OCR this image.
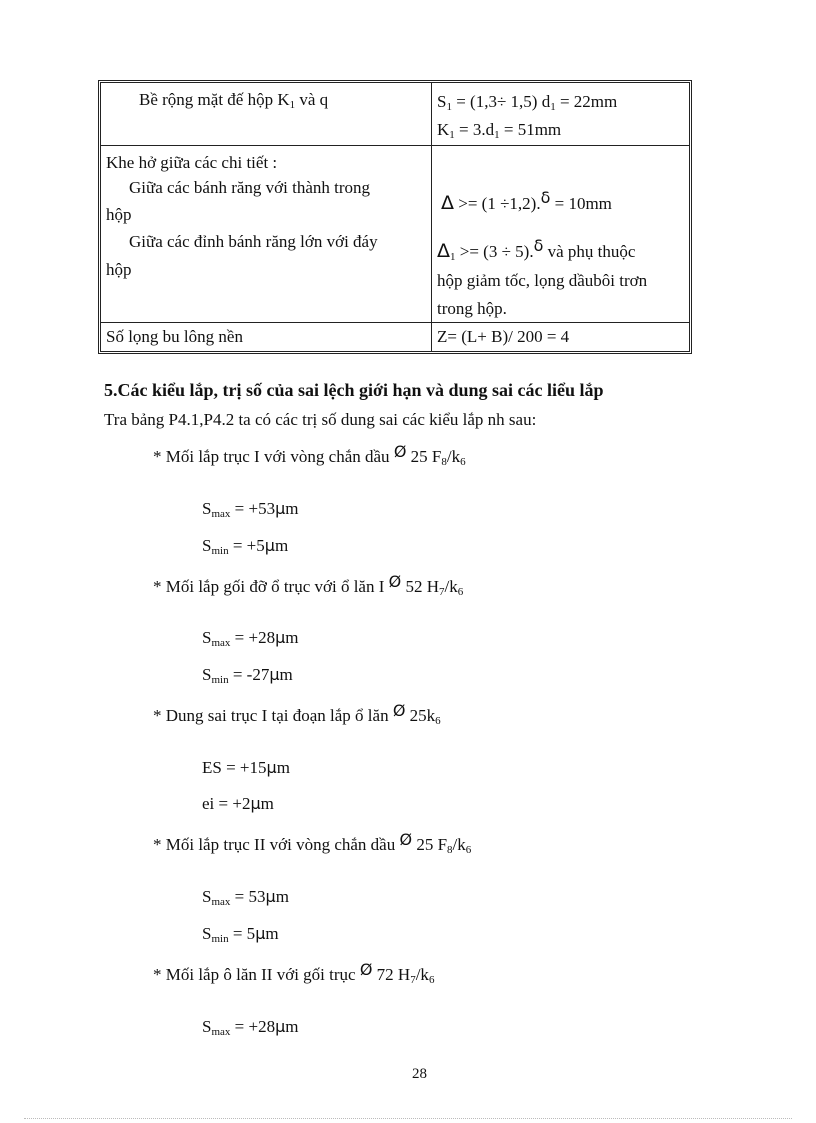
Bề rộng mặt đế hộp $K_1$ và q	$S_1 = (1,3\div 1,5) d_1 = 22mm$
$K_1 = 3.d_1 = 51mm$
Khe hở giữa các chi tiết :
Giữa các bánh răng với thành trong
hộp
Giữa các đỉnh bánh răng lớn với đáy
hộp
Δ >= (1 ÷1,2).δ = 10mm
$\Delta_1 >= (3 \div 5).\delta$ và phụ thuộc
hộp giảm tốc, lọng dầubôi trơn
trong hộp.
Số lọng bu lông nền	Z= (L+ B)/ 200 = 4
5.Các kiểu lắp, trị số của sai lệch giới hạn và dung sai các liểu lắp
Tra bảng P4.1,P4.2 ta có các trị số dung sai các kiểu lắp nh sau:
* Mối lắp trục I với vòng chắn dầu Ø 25 $F_8/k_6$
$S_{max} = +53\mu m$
$S_{min} = +5\mu m$
* Mối lắp gối đỡ ổ trục với ổ lăn I Ø 52 $H_7/k_6$
$S_{max} = +28\mu m$
$S_{min} = -27\mu m$
* Dung sai trục I tại đoạn lắp ổ lăn Ø $25k_6$
ES = +15µm
ei = +2µm
* Mối lắp trục II với vòng chắn dầu Ø 25 $F_8/k_6$
$S_{max} = 53\mu m$
$S_{min} = 5\mu m$
* Mối lắp ô lăn II với gối trục Ø 72 $H_7/k_6$
$S_{max} = +28\mu m$
28
